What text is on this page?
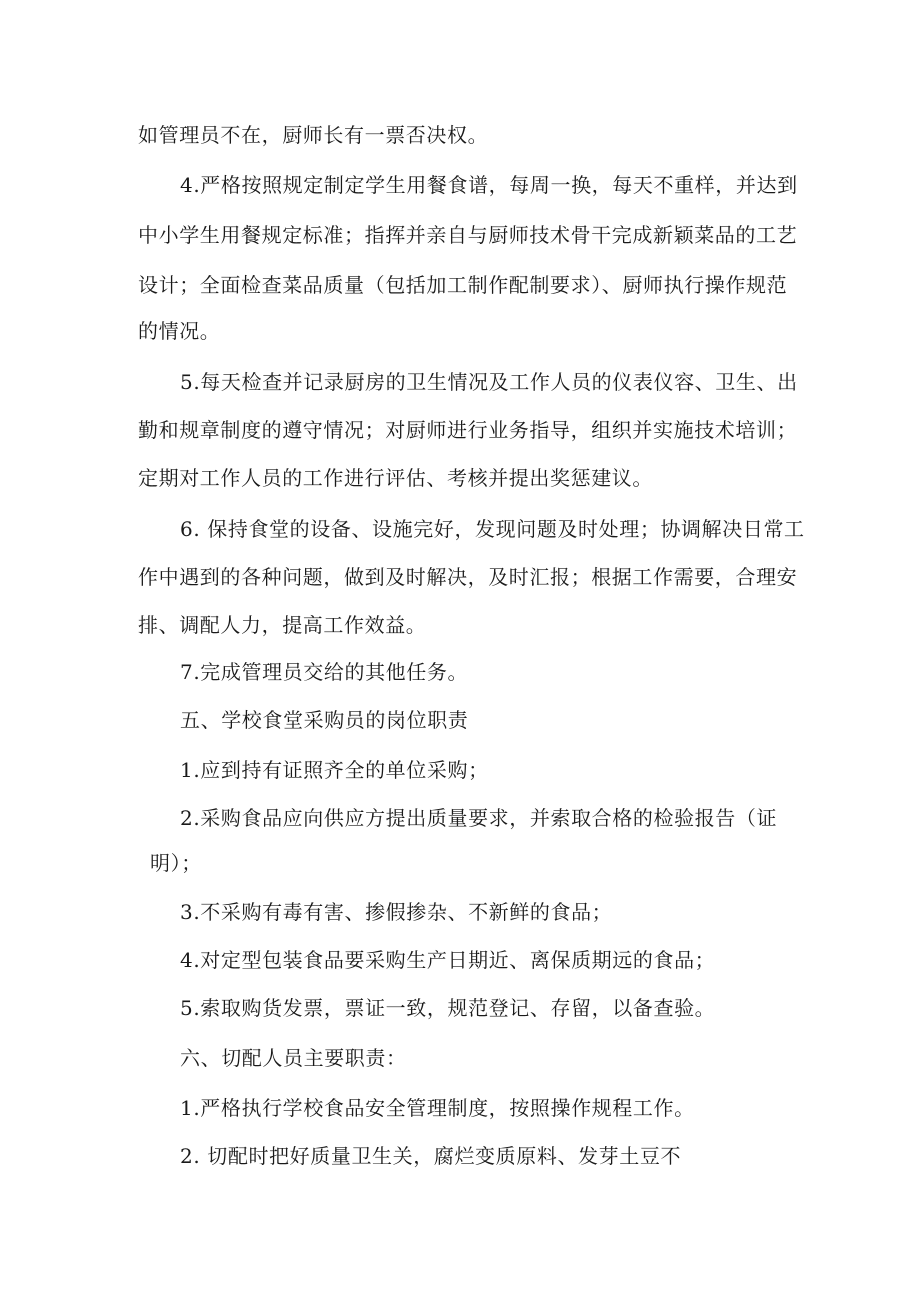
如管理员不在，厨师长有一票否决权。

4.严格按照规定制定学生用餐食谱，每周一换，每天不重样，并达到

中小学生用餐规定标准；指挥并亲自与厨师技术骨干完成新颖菜品的工艺

设计；全面检查菜品质量（包括加工制作配制要求）、厨师执行操作规范

的情况。

5.每天检查并记录厨房的卫生情况及工作人员的仪表仪容、卫生、出

勤和规章制度的遵守情况；对厨师进行业务指导，组织并实施技术培训；

定期对工作人员的工作进行评估、考核并提出奖惩建议。

6. 保持食堂的设备、设施完好，发现问题及时处理；协调解决日常工

作中遇到的各种问题，做到及时解决，及时汇报；根据工作需要，合理安

排、调配人力，提高工作效益。

7.完成管理员交给的其他任务。

五、学校食堂采购员的岗位职责

1.应到持有证照齐全的单位采购；

2.采购食品应向供应方提出质量要求，并索取合格的检验报告（证

明）；

3.不采购有毒有害、掺假掺杂、不新鲜的食品；

4.对定型包装食品要采购生产日期近、离保质期远的食品；

5.索取购货发票，票证一致，规范登记、存留，以备查验。

六、切配人员主要职责：

1.严格执行学校食品安全管理制度，按照操作规程工作。

2. 切配时把好质量卫生关，腐烂变质原料、发芽土豆不
